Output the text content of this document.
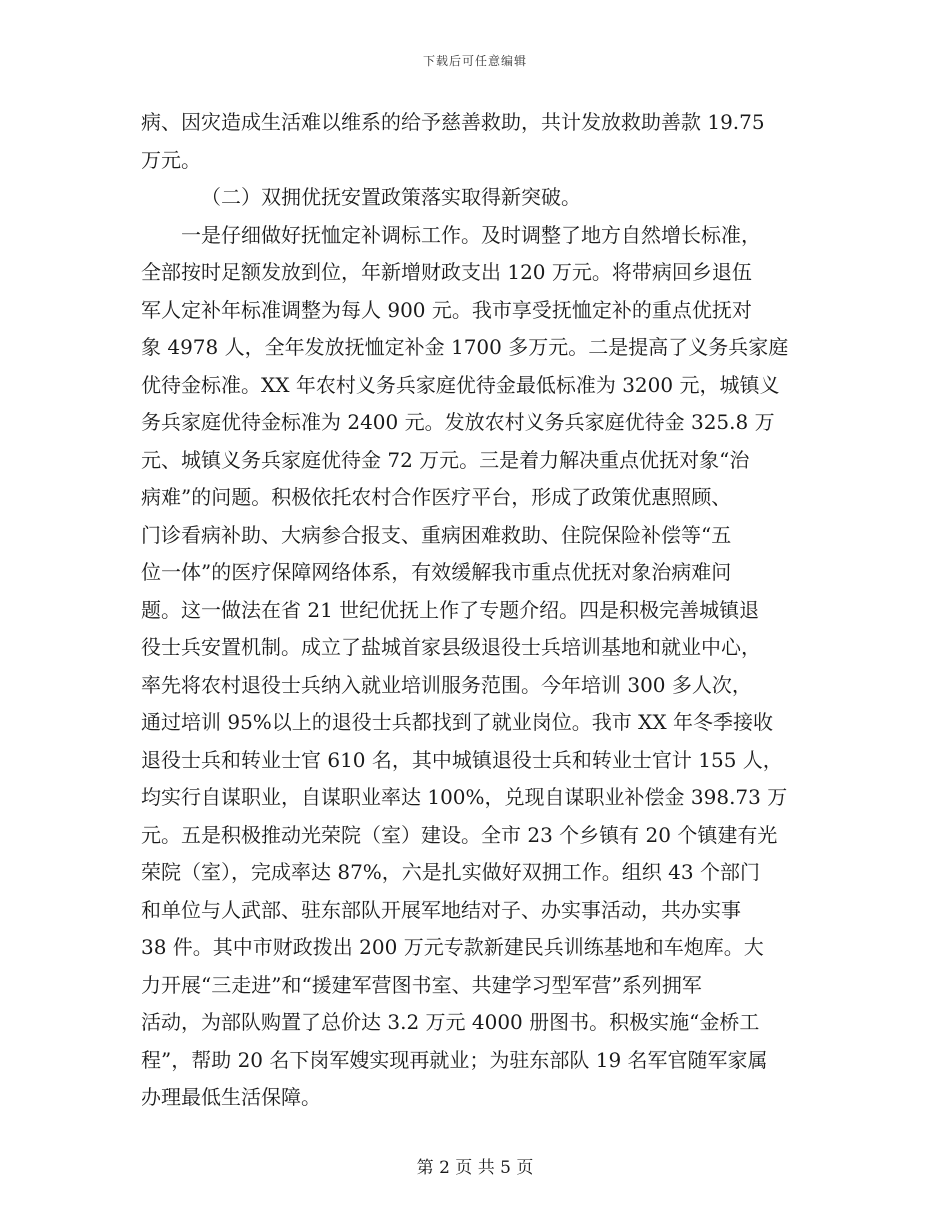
下载后可任意编辑
病、因灾造成生活难以维系的给予慈善救助，共计发放救助善款 19.75
万元。
（二）双拥优抚安置政策落实取得新突破。
一是仔细做好抚恤定补调标工作。及时调整了地方自然增长标准，
全部按时足额发放到位，年新增财政支出 120 万元。将带病回乡退伍
军人定补年标准调整为每人 900 元。我市享受抚恤定补的重点优抚对
象 4978 人，全年发放抚恤定补金 1700 多万元。二是提高了义务兵家庭
优待金标准。XX 年农村义务兵家庭优待金最低标准为 3200 元，城镇义
务兵家庭优待金标准为 2400 元。发放农村义务兵家庭优待金 325.8 万
元、城镇义务兵家庭优待金 72 万元。三是着力解决重点优抚对象“治
病难”的问题。积极依托农村合作医疗平台，形成了政策优惠照顾、
门诊看病补助、大病参合报支、重病困难救助、住院保险补偿等“五
位一体”的医疗保障网络体系，有效缓解我市重点优抚对象治病难问
题。这一做法在省 21 世纪优抚上作了专题介绍。四是积极完善城镇退
役士兵安置机制。成立了盐城首家县级退役士兵培训基地和就业中心，
率先将农村退役士兵纳入就业培训服务范围。今年培训 300 多人次，
通过培训 95%以上的退役士兵都找到了就业岗位。我市 XX 年冬季接收
退役士兵和转业士官 610 名，其中城镇退役士兵和转业士官计 155 人，
均实行自谋职业，自谋职业率达 100%，兑现自谋职业补偿金 398.73 万
元。五是积极推动光荣院（室）建设。全市 23 个乡镇有 20 个镇建有光
荣院（室），完成率达 87%，六是扎实做好双拥工作。组织 43 个部门
和单位与人武部、驻东部队开展军地结对子、办实事活动，共办实事
38 件。其中市财政拨出 200 万元专款新建民兵训练基地和车炮库。大
力开展“三走进”和“援建军营图书室、共建学习型军营”系列拥军
活动，为部队购置了总价达 3.2 万元 4000 册图书。积极实施“金桥工
程”，帮助 20 名下岗军嫂实现再就业；为驻东部队 19 名军官随军家属
办理最低生活保障。
第 2 页 共 5 页
